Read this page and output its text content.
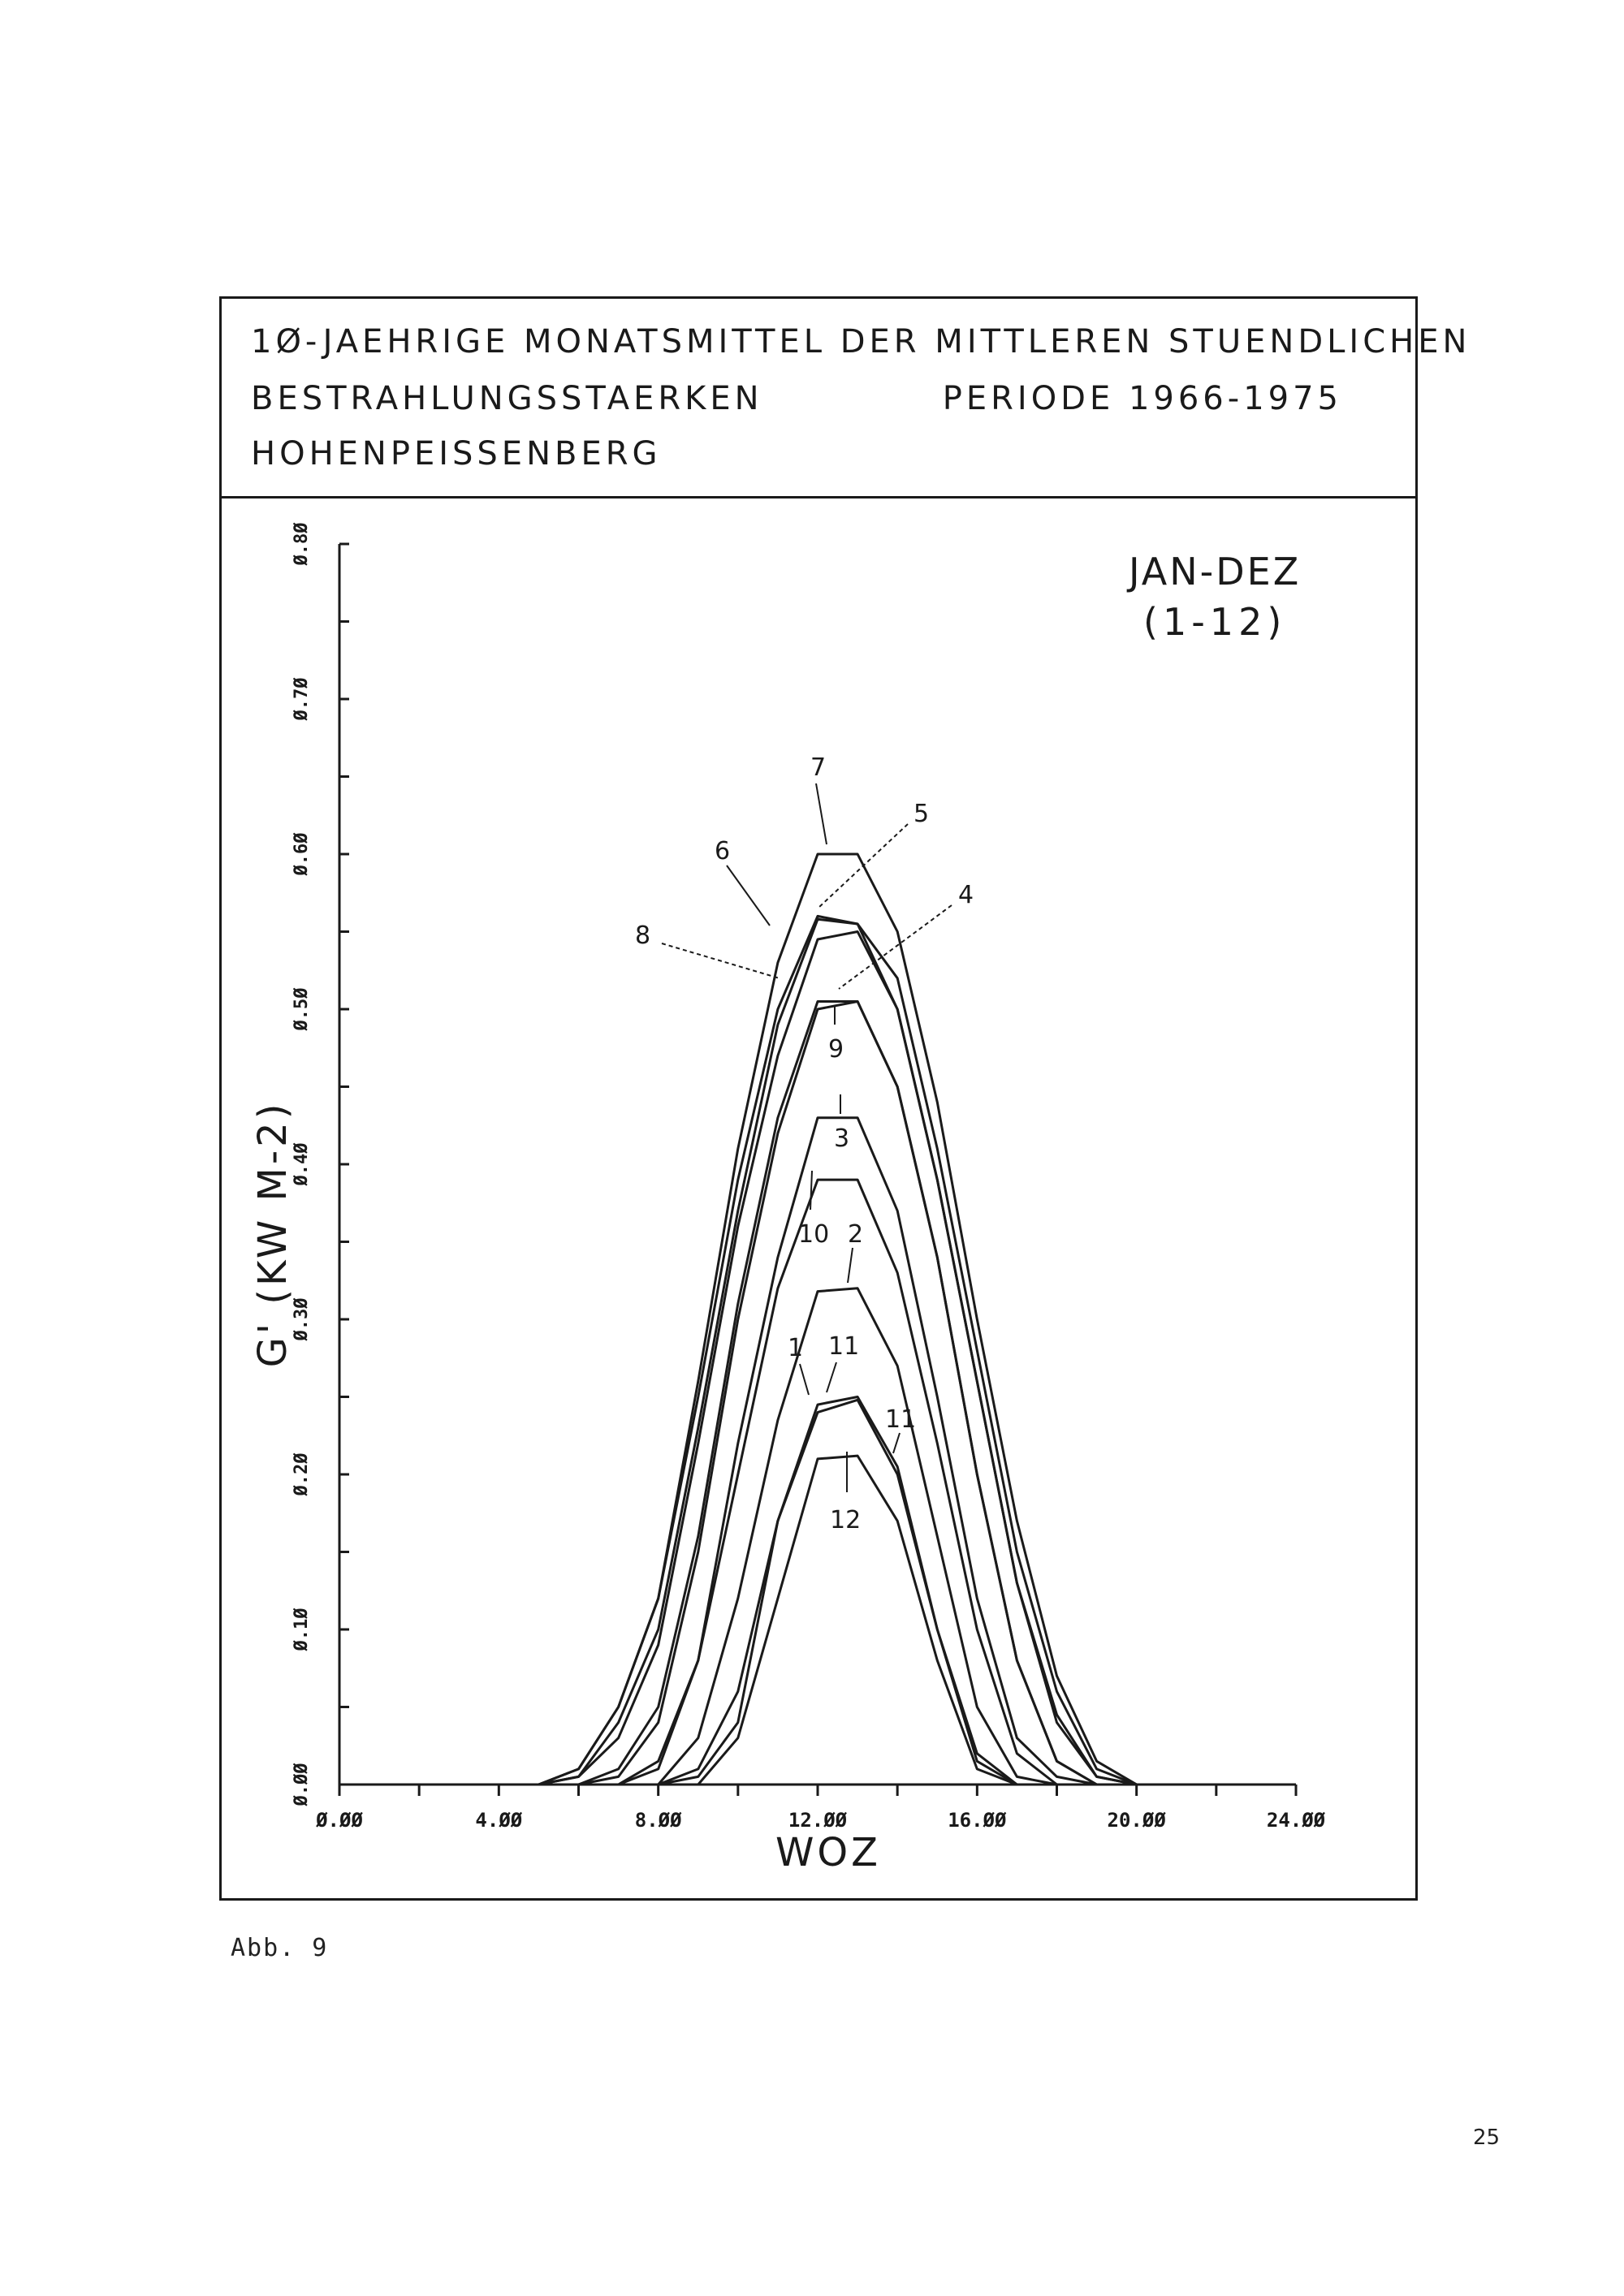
1Ø-JAEHRIGE MONATSMITTEL DER MITTLEREN STUENDLICHEN
BESTRAHLUNGSSTAERKEN	PERIODE 1966-1975
HOHENPEISSENBERG
Ø.ØØ	4.ØØ	8.ØØ	12.ØØ	16.ØØ	20.ØØ	24.ØØ
Ø.ØØ
Ø.1Ø
Ø.2Ø
Ø.3Ø
Ø.4Ø
Ø.5Ø
Ø.6Ø
Ø.7Ø
Ø.8Ø
7
5
6
4
8
9
3
10 2
1 11
11
12
JAN-DEZ
(1-12)
WOZ
G' (KW M-2)
Abb. 9
25
